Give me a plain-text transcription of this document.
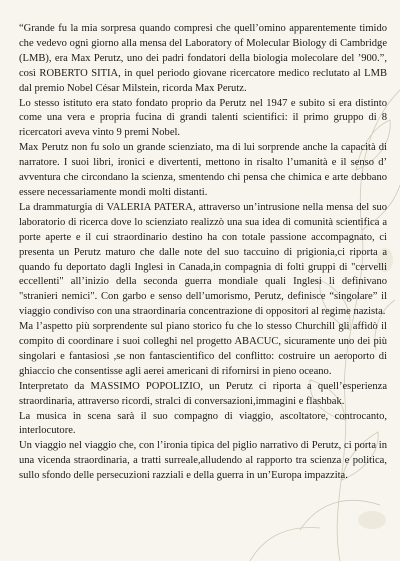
“Grande fu la mia sorpresa quando compresi che quell’omino apparentemente timido che vedevo ogni giorno alla mensa del Laboratory of Molecular Biology di Cambridge (LMB), era Max Perutz, uno dei padri fondatori della biologia molecolare del ’900.”, così ROBERTO SITIA, in quel periodo giovane ricercatore medico reclutato al LMB dal premio Nobel César Milstein, ricorda Max Perutz.

Lo stesso istituto era stato fondato proprio da Perutz nel 1947 e subito si era distinto come una vera e propria fucina di grandi talenti scientifici: il primo gruppo di 8 ricercatori aveva vinto 9 premi Nobel.

Max Perutz non fu solo un grande scienziato, ma di lui sorprende anche la capacità di narratore. I suoi libri, ironici e divertenti, mettono in risalto l’umanità e il senso d’ avventura che circondano la scienza, smentendo chi pensa che chimica e arte debbano essere necessariamente mondi molti distanti.

La drammaturgia di VALERIA PATERA, attraverso un’intrusione nella mensa del suo laboratorio di ricerca dove lo scienziato realizzò una sua idea di comunità scientifica a porte aperte e il cui straordinario destino ha con totale passione accompagnato, ci presenta un Perutz maturo che dalle note del suo taccuino di prigionia,ci riporta a quando fu deportato dagli Inglesi in Canada,in compagnia di folti gruppi di "cervelli eccellenti" all’inizio della seconda guerra mondiale quali Inglesi li definivano "stranieri nemici". Con garbo e senso dell’umorismo, Perutz, definisce “singolare” il viaggio condiviso con una straordinaria concentrazione di oppositori al regime nazista.

Ma l’aspetto più sorprendente sul piano storico fu che lo stesso Churchill gli affidò il compito di coordinare i suoi colleghi nel progetto ABACUC, sicuramente uno dei più singolari e fantasiosi ,se non fantascientifico del conflitto: costruire un aeroporto di ghiaccio che consentisse agli aerei americani di rifornirsi in pieno oceano.

Interpretato da MASSIMO POPOLIZIO, un Perutz ci riporta a quell’esperienza straordinaria, attraverso ricordi, stralci di conversazioni,immagini e flashbak.

La musica in scena sarà il suo compagno di viaggio, ascoltatore, controcanto, interlocutore.

Un viaggio nel viaggio che, con l’ironia tipica del piglio narrativo di Perutz, ci porta in una vicenda straordinaria, a tratti surreale,alludendo al rapporto tra scienza e politica, sullo sfondo delle persecuzioni razziali e della guerra in un’Europa impazzita.
